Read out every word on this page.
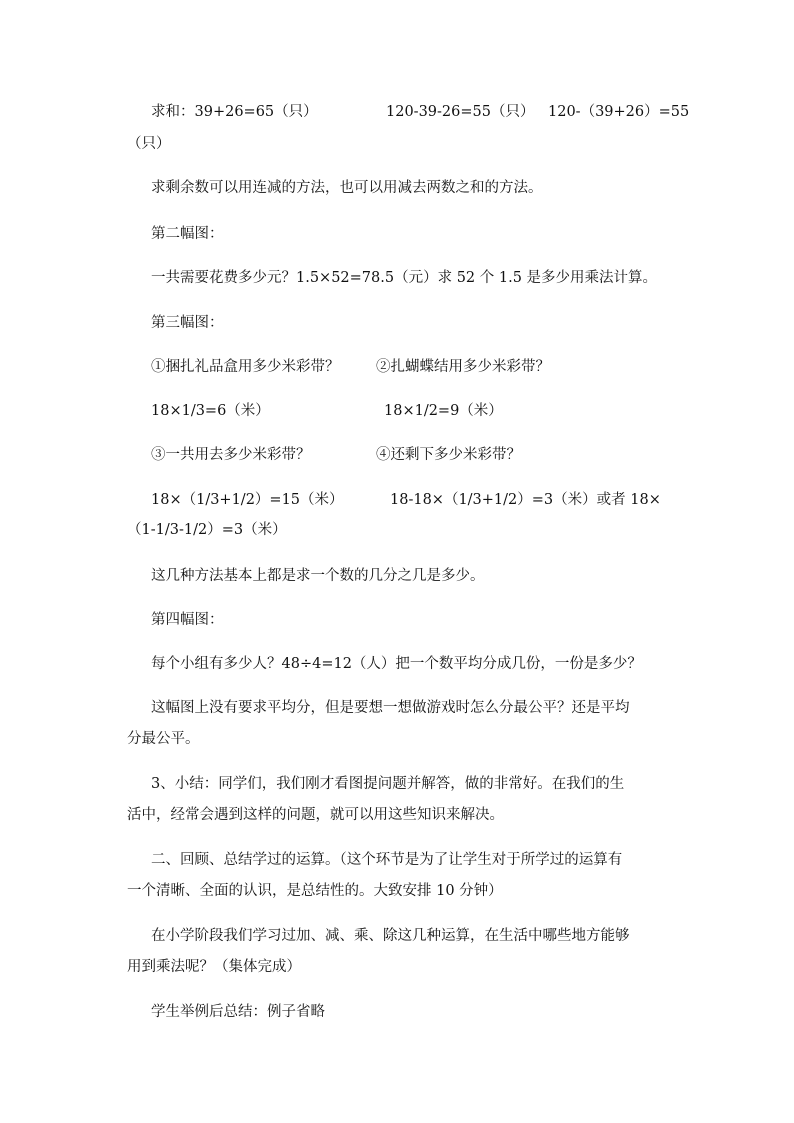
求和：39+26=65（只）	120-39-26=55（只） 120-（39+26）=55
（只）
求剩余数可以用连减的方法，也可以用减去两数之和的方法。
第二幅图：
一共需要花费多少元？1.5×52=78.5（元）求 52 个 1.5 是多少用乘法计算。
第三幅图：
①捆扎礼品盒用多少米彩带？	②扎蝴蝶结用多少米彩带？
18×1/3=6（米）	18×1/2=9（米）
③一共用去多少米彩带？	④还剩下多少米彩带？
18×（1/3+1/2）=15（米）	18-18×（1/3+1/2）=3（米）或者 18×
（1-1/3-1/2）=3（米）
这几种方法基本上都是求一个数的几分之几是多少。
第四幅图：
每个小组有多少人？48÷4=12（人）把一个数平均分成几份，一份是多少？
这幅图上没有要求平均分，但是要想一想做游戏时怎么分最公平？还是平均
分最公平。
3、小结：同学们，我们刚才看图提问题并解答，做的非常好。在我们的生
活中，经常会遇到这样的问题，就可以用这些知识来解决。
二、回顾、总结学过的运算。（这个环节是为了让学生对于所学过的运算有
一个清晰、全面的认识，是总结性的。大致安排 10 分钟）
在小学阶段我们学习过加、减、乘、除这几种运算，在生活中哪些地方能够
用到乘法呢？（集体完成）
学生举例后总结：例子省略
